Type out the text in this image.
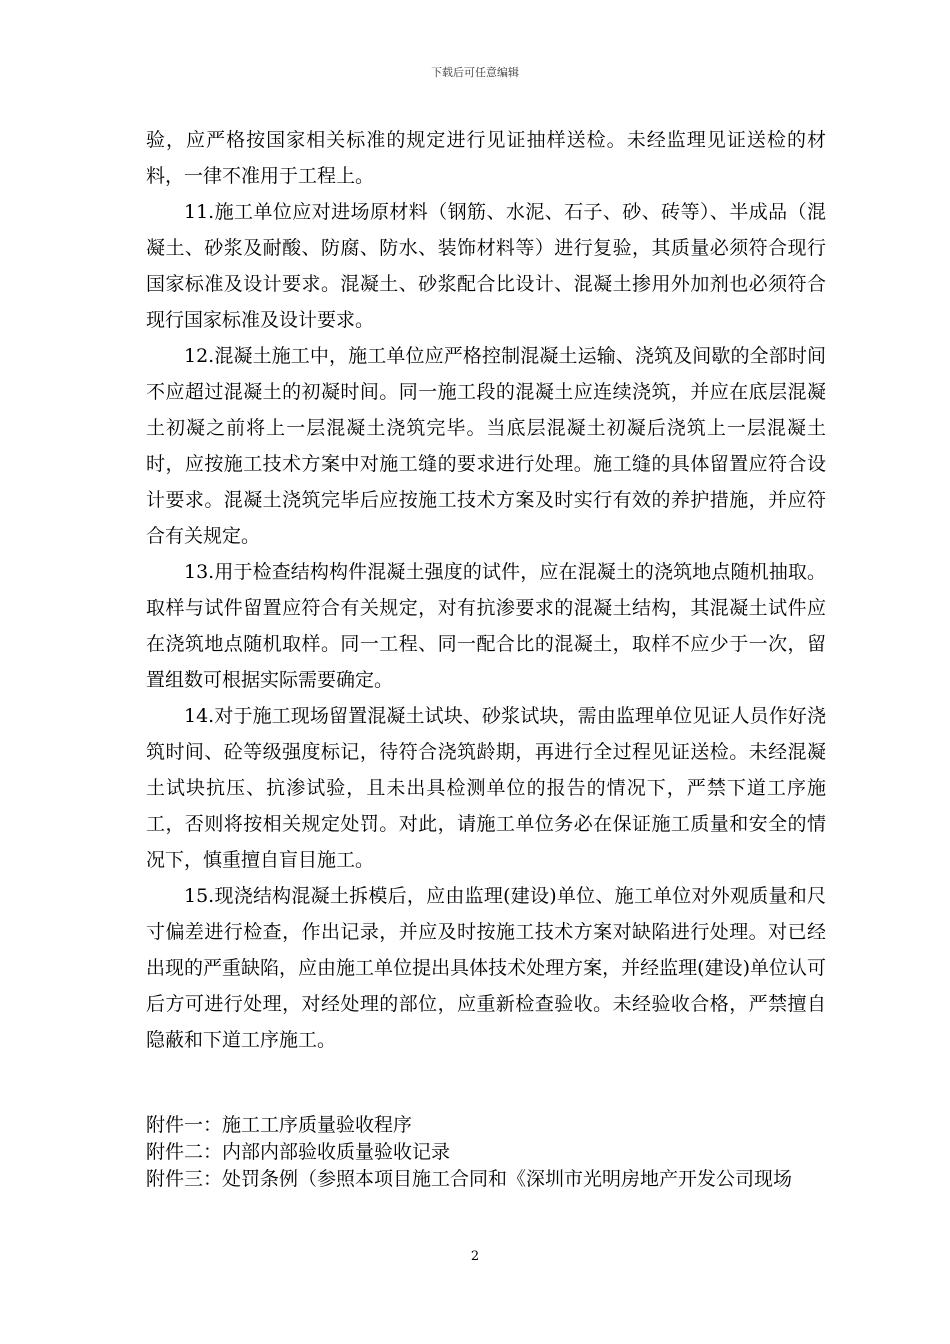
下载后可任意编辑

验，应严格按国家相关标准的规定进行见证抽样送检。未经监理见证送检的材料，一律不准用于工程上。

11.施工单位应对进场原材料（钢筋、水泥、石子、砂、砖等）、半成品（混凝土、砂浆及耐酸、防腐、防水、装饰材料等）进行复验，其质量必须符合现行国家标准及设计要求。混凝土、砂浆配合比设计、混凝土掺用外加剂也必须符合现行国家标准及设计要求。

12.混凝土施工中，施工单位应严格控制混凝土运输、浇筑及间歇的全部时间不应超过混凝土的初凝时间。同一施工段的混凝土应连续浇筑，并应在底层混凝土初凝之前将上一层混凝土浇筑完毕。当底层混凝土初凝后浇筑上一层混凝土时，应按施工技术方案中对施工缝的要求进行处理。施工缝的具体留置应符合设计要求。混凝土浇筑完毕后应按施工技术方案及时实行有效的养护措施，并应符合有关规定。

13.用于检查结构构件混凝土强度的试件，应在混凝土的浇筑地点随机抽取。取样与试件留置应符合有关规定，对有抗渗要求的混凝土结构，其混凝土试件应在浇筑地点随机取样。同一工程、同一配合比的混凝土，取样不应少于一次，留置组数可根据实际需要确定。

14.对于施工现场留置混凝土试块、砂浆试块，需由监理单位见证人员作好浇筑时间、砼等级强度标记，待符合浇筑龄期，再进行全过程见证送检。未经混凝土试块抗压、抗渗试验，且未出具检测单位的报告的情况下，严禁下道工序施工，否则将按相关规定处罚。对此，请施工单位务必在保证施工质量和安全的情况下，慎重擅自盲目施工。

15.现浇结构混凝土拆模后，应由监理(建设)单位、施工单位对外观质量和尺寸偏差进行检查，作出记录，并应及时按施工技术方案对缺陷进行处理。对已经出现的严重缺陷，应由施工单位提出具体技术处理方案，并经监理(建设)单位认可后方可进行处理，对经处理的部位，应重新检查验收。未经验收合格，严禁擅自隐蔽和下道工序施工。

附件一：施工工序质量验收程序

附件二：内部内部验收质量验收记录

附件三：处罚条例（参照本项目施工合同和《深圳市光明房地产开发公司现场

2
